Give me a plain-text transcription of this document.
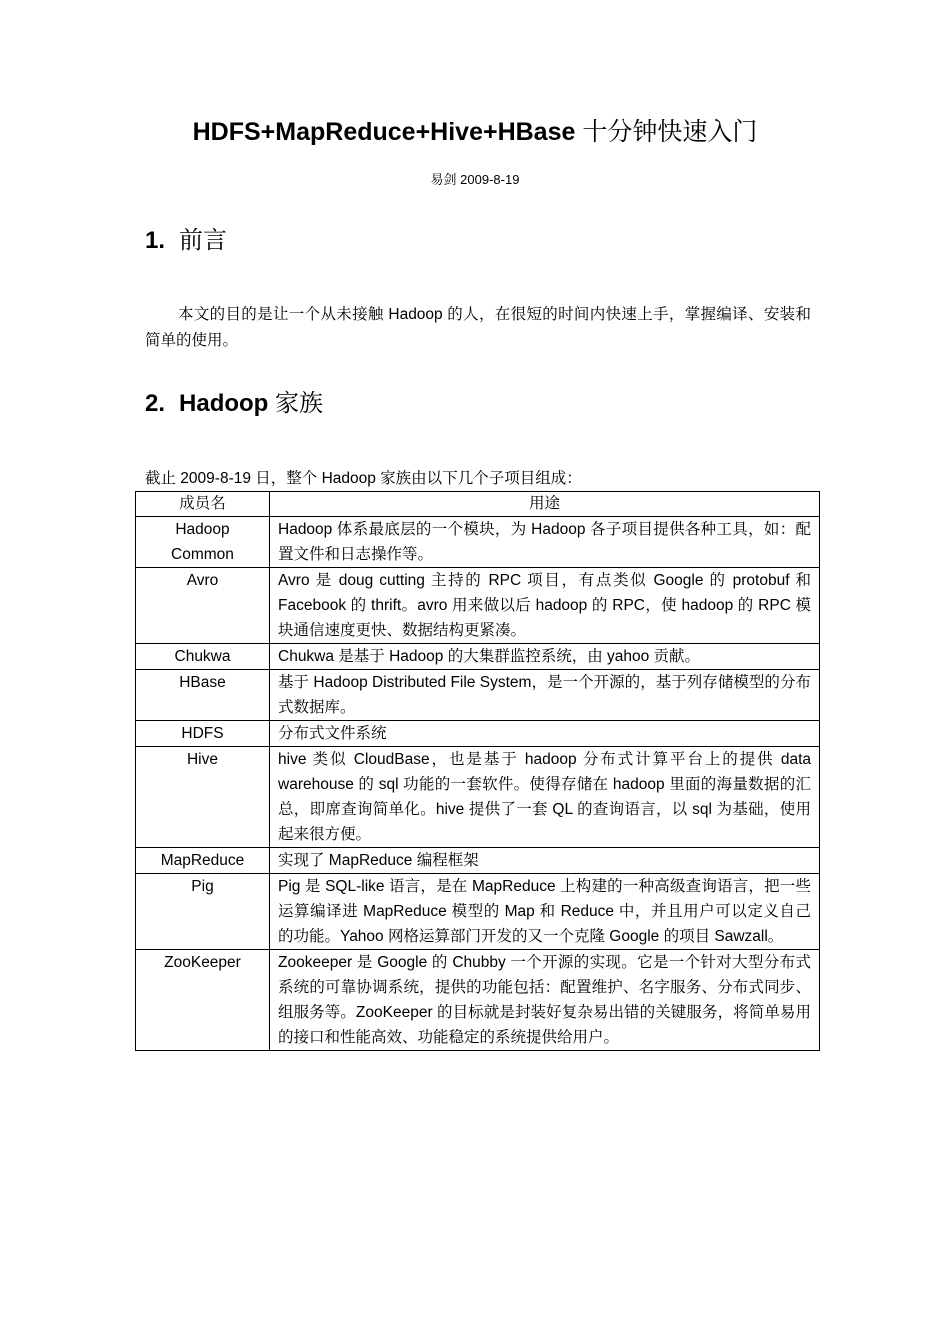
HDFS+MapReduce+Hive+HBase 十分钟快速入门
易剑 2009-8-19
1. 前言

本文的目的是让一个从未接触 Hadoop 的人，在很短的时间内快速上手，掌握编译、安装和简单的使用。

2. Hadoop 家族
截止 2009-8-19 日，整个 Hadoop 家族由以下几个子项目组成：
成员名	用途
Hadoop Common	Hadoop 体系最底层的一个模块，为 Hadoop 各子项目提供各种工具，如：配置文件和日志操作等。
Avro	Avro 是 doug cutting 主持的 RPC 项目，有点类似 Google 的 protobuf 和 Facebook 的 thrift。avro 用来做以后 hadoop 的 RPC，使 hadoop 的 RPC 模块通信速度更快、数据结构更紧凑。
Chukwa	Chukwa 是基于 Hadoop 的大集群监控系统，由 yahoo 贡献。
HBase	基于 Hadoop Distributed File System，是一个开源的，基于列存储模型的分布式数据库。
HDFS	分布式文件系统
Hive	hive 类似 CloudBase，也是基于 hadoop 分布式计算平台上的提供 data warehouse 的 sql 功能的一套软件。使得存储在 hadoop 里面的海量数据的汇总，即席查询简单化。hive 提供了一套 QL 的查询语言，以 sql 为基础，使用起来很方便。
MapReduce	实现了 MapReduce 编程框架
Pig	Pig 是 SQL-like 语言，是在 MapReduce 上构建的一种高级查询语言，把一些运算编译进 MapReduce 模型的 Map 和 Reduce 中，并且用户可以定义自己的功能。Yahoo 网格运算部门开发的又一个克隆 Google 的项目 Sawzall。
ZooKeeper	Zookeeper 是 Google 的 Chubby 一个开源的实现。它是一个针对大型分布式系统的可靠协调系统，提供的功能包括：配置维护、名字服务、分布式同步、组服务等。ZooKeeper 的目标就是封装好复杂易出错的关键服务，将简单易用的接口和性能高效、功能稳定的系统提供给用户。
